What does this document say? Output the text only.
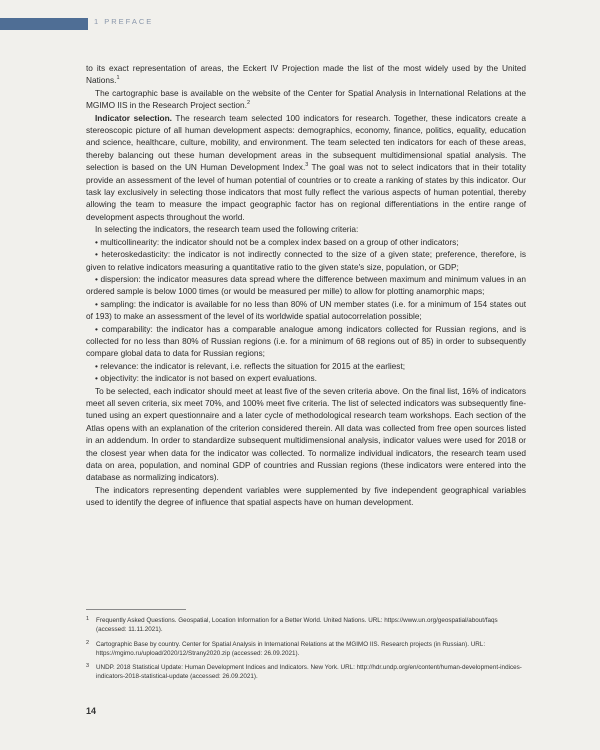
1 PREFACE

to its exact representation of areas, the Eckert IV Projection made the list of the most widely used by the United Nations.$^1$

The cartographic base is available on the website of the Center for Spatial Analysis in International Relations at the MGIMO IIS in the Research Project section.$^2$

Indicator selection. The research team selected 100 indicators for research. Together, these indicators create a stereoscopic picture of all human development aspects: demographics, economy, finance, politics, equality, education and science, healthcare, culture, mobility, and environment. The team selected ten indicators for each of these areas, thereby balancing out these human development areas in the subsequent multidimensional spatial analysis. The selection is based on the UN Human Development Index.$^3$ The goal was not to select indicators that in their totality provide an assessment of the level of human potential of countries or to create a ranking of states by this indicator. Our task lay exclusively in selecting those indicators that most fully reflect the various aspects of human potential, thereby allowing the team to measure the impact geographic factor has on regional differentiations in the entire range of development aspects throughout the world.

In selecting the indicators, the research team used the following criteria:

• multicollinearity: the indicator should not be a complex index based on a group of other indicators;

• heteroskedasticity: the indicator is not indirectly connected to the size of a given state; preference, therefore, is given to relative indicators measuring a quantitative ratio to the given state's size, population, or GDP;

• dispersion: the indicator measures data spread where the difference between maximum and minimum values in an ordered sample is below 1000 times (or would be measured per mille) to allow for plotting anamorphic maps;

• sampling: the indicator is available for no less than 80% of UN member states (i.e. for a minimum of 154 states out of 193) to make an assessment of the level of its worldwide spatial autocorrelation possible;

• comparability: the indicator has a comparable analogue among indicators collected for Russian regions, and is collected for no less than 80% of Russian regions (i.e. for a minimum of 68 regions out of 85) in order to subsequently compare global data to data for Russian regions;

• relevance: the indicator is relevant, i.e. reflects the situation for 2015 at the earliest;

• objectivity: the indicator is not based on expert evaluations.

To be selected, each indicator should meet at least five of the seven criteria above. On the final list, 16% of indicators meet all seven criteria, six meet 70%, and 100% meet five criteria. The list of selected indicators was subsequently fine-tuned using an expert questionnaire and a later cycle of methodological research team workshops. Each section of the Atlas opens with an explanation of the criterion considered therein. All data was collected from free open sources listed in an addendum. In order to standardize subsequent multidimensional analysis, indicator values were used for 2018 or the closest year when data for the indicator was collected. To normalize individual indicators, the research team used data on area, population, and nominal GDP of countries and Russian regions (these indicators were entered into the database as normalizing indicators).

The indicators representing dependent variables were supplemented by five independent geographical variables used to identify the degree of influence that spatial aspects have on human development.

1 Frequently Asked Questions. Geospatial, Location Information for a Better World. United Nations. URL: https://www.un.org/geospatial/about/faqs (accessed: 11.11.2021).
2 Cartographic Base by country. Center for Spatial Analysis in International Relations at the MGIMO IIS. Research projects (in Russian). URL: https://mgimo.ru/upload/2020/12/Strany2020.zip (accessed: 26.09.2021).
3 UNDP. 2018 Statistical Update: Human Development Indices and Indicators. New York. URL: http://hdr.undp.org/en/content/human-development-indices-indicators-2018-statistical-update (accessed: 26.09.2021).
14
